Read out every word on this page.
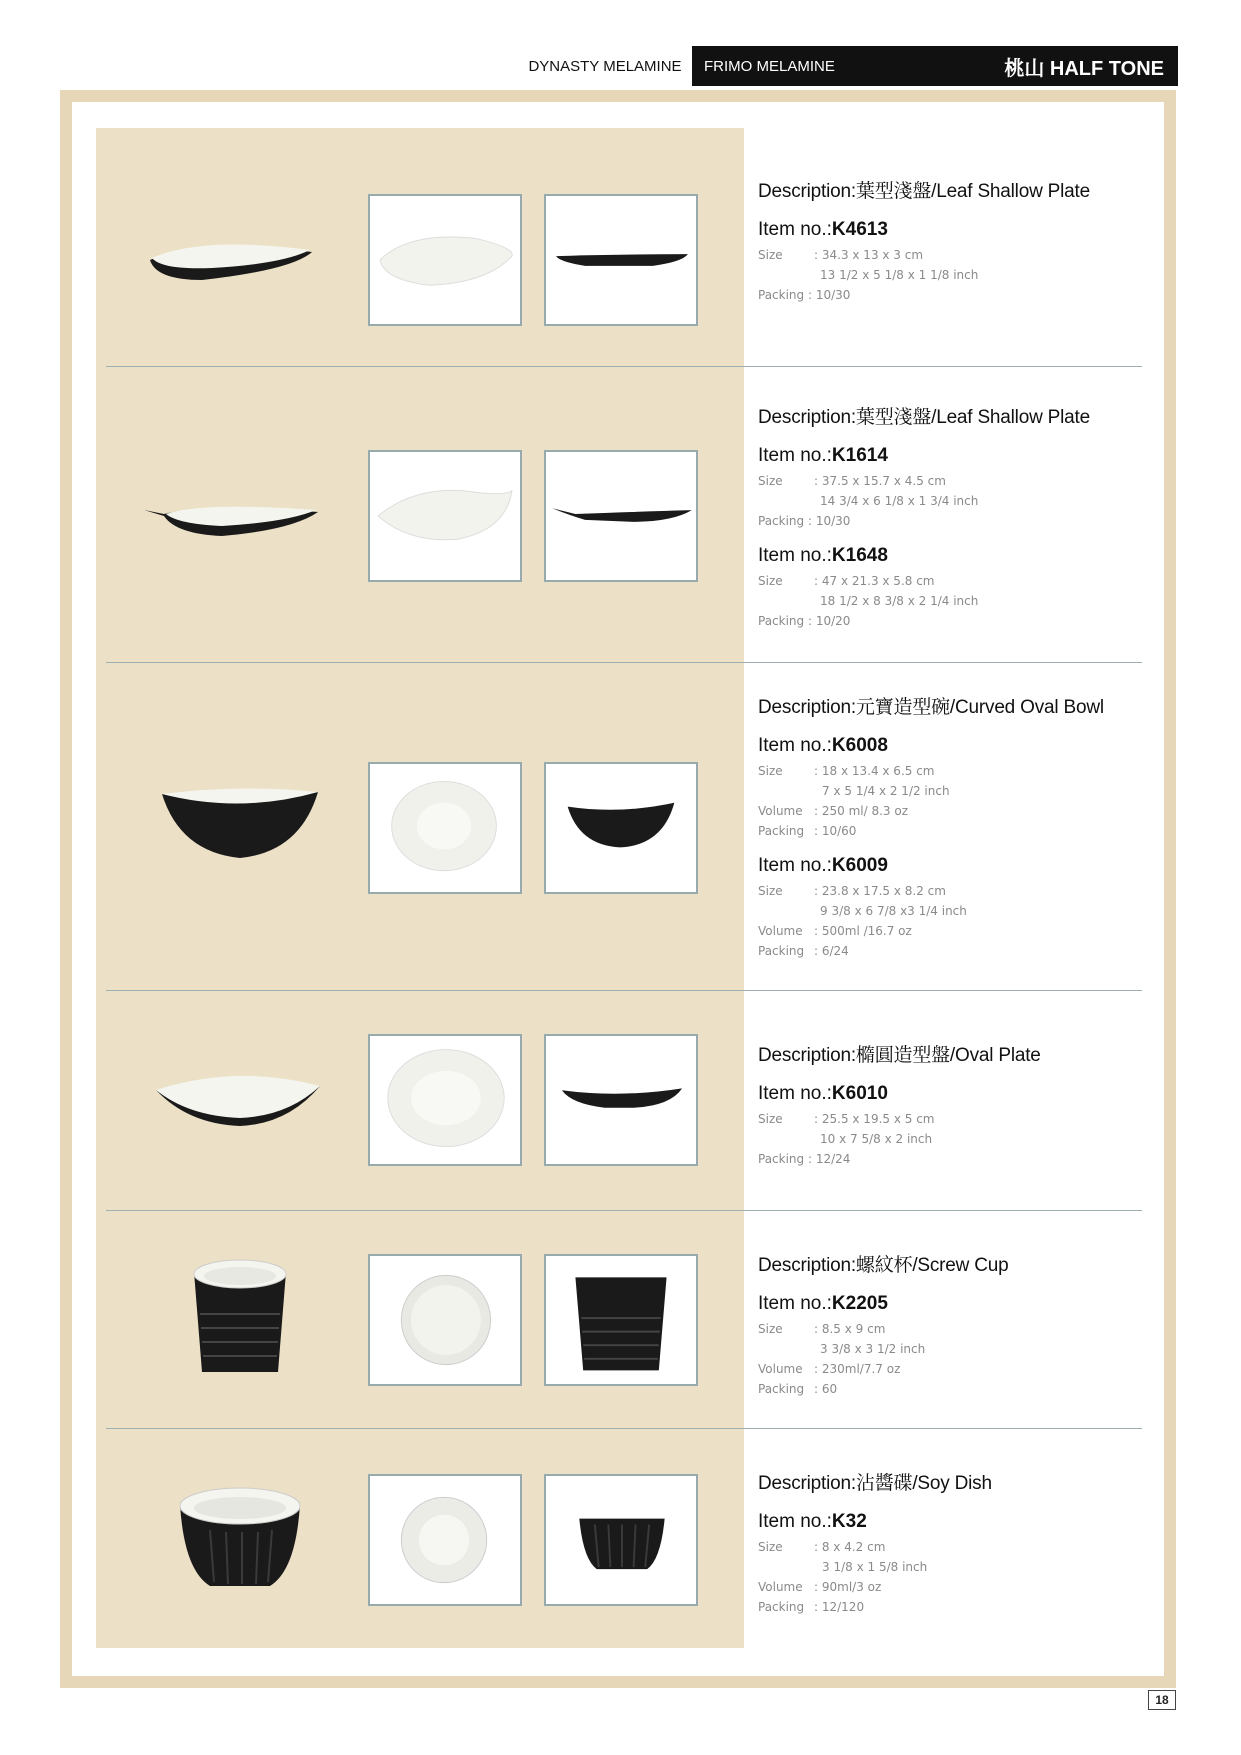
DYNASTY MELAMINE	FRIMO MELAMINE	桃山 HALF TONE
Description:葉型淺盤/Leaf Shallow Plate
Item no.:K4613
Size	: 34.3 x 13 x 3 cm
13 1/2 x 5 1/8 x 1 1/8 inch
Packing
: 10/30
Description:葉型淺盤/Leaf Shallow Plate
Item no.:K1614
Size	: 37.5 x 15.7 x 4.5 cm
14 3/4 x 6 1/8 x 1 3/4 inch
Packing
: 10/30
Item no.:K1648
Size	: 47 x 21.3 x 5.8 cm
18 1/2 x 8 3/8 x 2 1/4 inch
Packing
: 10/20
Description:元寶造型碗/Curved Oval Bowl
Item no.:K6008
Size	: 18 x 13.4 x 6.5 cm
7 x 5 1/4 x 2 1/2 inch
Volume : 250 ml/ 8.3 oz
Packing : 10/60
Item no.:K6009
Size	: 23.8 x 17.5 x 8.2 cm
9 3/8 x 6 7/8 x3 1/4 inch
Volume : 500ml /16.7 oz
Packing : 6/24
Description:橢圓造型盤/Oval Plate
Item no.:K6010
Size	: 25.5 x 19.5 x 5 cm
10 x 7 5/8 x 2 inch
Packing
: 12/24
Description:螺紋杯/Screw Cup
Item no.:K2205
Size	: 8.5 x 9 cm
3 3/8 x 3 1/2 inch
Volume : 230ml/7.7 oz
Packing : 60
Description:沾醬碟/Soy Dish
Item no.:K32
Size	: 8 x 4.2 cm
3 1/8 x 1 5/8 inch
Volume : 90ml/3 oz
Packing : 12/120
18
